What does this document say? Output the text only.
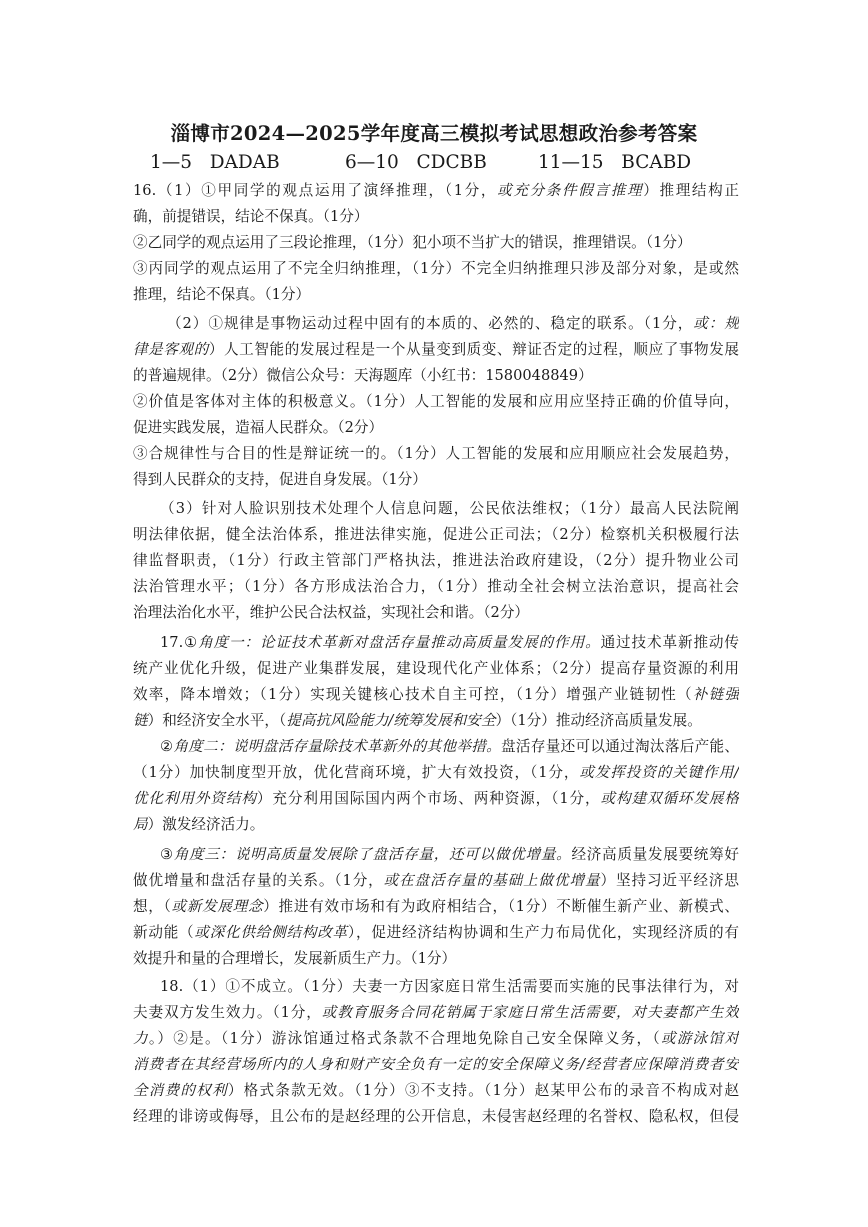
淄博市2024—2025学年度高三模拟考试思想政治参考答案
1—5 DADAB	6—10 CDCBB	11—15 BCABD
16.（1）①甲同学的观点运用了演绎推理，（1分，或充分条件假言推理）推理结构正
确，前提错误，结论不保真。（1分）
②乙同学的观点运用了三段论推理，（1分）犯小项不当扩大的错误，推理错误。（1分）
③丙同学的观点运用了不完全归纳推理，（1分）不完全归纳推理只涉及部分对象，是或然
推理，结论不保真。（1分）
（2）①规律是事物运动过程中固有的本质的、必然的、稳定的联系。（1分，或：规
律是客观的）人工智能的发展过程是一个从量变到质变、辩证否定的过程，顺应了事物发展
的普遍规律。（2分）微信公众号：天海题库（小红书：1580048849）
②价值是客体对主体的积极意义。（1分）人工智能的发展和应用应坚持正确的价值导向，
促进实践发展，造福人民群众。（2分）
③合规律性与合目的性是辩证统一的。（1分）人工智能的发展和应用顺应社会发展趋势，
得到人民群众的支持，促进自身发展。（1分）
（3）针对人脸识别技术处理个人信息问题，公民依法维权；（1分）最高人民法院阐
明法律依据，健全法治体系，推进法律实施，促进公正司法；（2分）检察机关积极履行法
律监督职责，（1分）行政主管部门严格执法，推进法治政府建设，（2分）提升物业公司
法治管理水平；（1分）各方形成法治合力，（1分）推动全社会树立法治意识，提高社会
治理法治化水平，维护公民合法权益，实现社会和谐。（2分）
17.①角度一：论证技术革新对盘活存量推动高质量发展的作用。通过技术革新推动传
统产业优化升级，促进产业集群发展，建设现代化产业体系；（2分）提高存量资源的利用
效率，降本增效；（1分）实现关键核心技术自主可控，（1分）增强产业链韧性（补链强
链）和经济安全水平，（提高抗风险能力/统筹发展和安全）（1分）推动经济高质量发展。
②角度二：说明盘活存量除技术革新外的其他举措。盘活存量还可以通过淘汰落后产能、
（1分）加快制度型开放，优化营商环境，扩大有效投资，（1分，或发挥投资的关键作用/
优化利用外资结构）充分利用国际国内两个市场、两种资源，（1分，或构建双循环发展格
局）激发经济活力。
③角度三：说明高质量发展除了盘活存量，还可以做优增量。经济高质量发展要统筹好
做优增量和盘活存量的关系。（1分，或在盘活存量的基础上做优增量）坚持习近平经济思
想，（或新发展理念）推进有效市场和有为政府相结合，（1分）不断催生新产业、新模式、
新动能（或深化供给侧结构改革），促进经济结构协调和生产力布局优化，实现经济质的有
效提升和量的合理增长，发展新质生产力。（1分）
18.（1）①不成立。（1分）夫妻一方因家庭日常生活需要而实施的民事法律行为，对
夫妻双方发生效力。（1分，或教育服务合同花销属于家庭日常生活需要，对夫妻都产生效
力。）②是。（1分）游泳馆通过格式条款不合理地免除自己安全保障义务，（或游泳馆对
消费者在其经营场所内的人身和财产安全负有一定的安全保障义务/经营者应保障消费者安
全消费的权利）格式条款无效。（1分）③不支持。（1分）赵某甲公布的录音不构成对赵
经理的诽谤或侮辱，且公布的是赵经理的公开信息，未侵害赵经理的名誉权、隐私权，但侵
